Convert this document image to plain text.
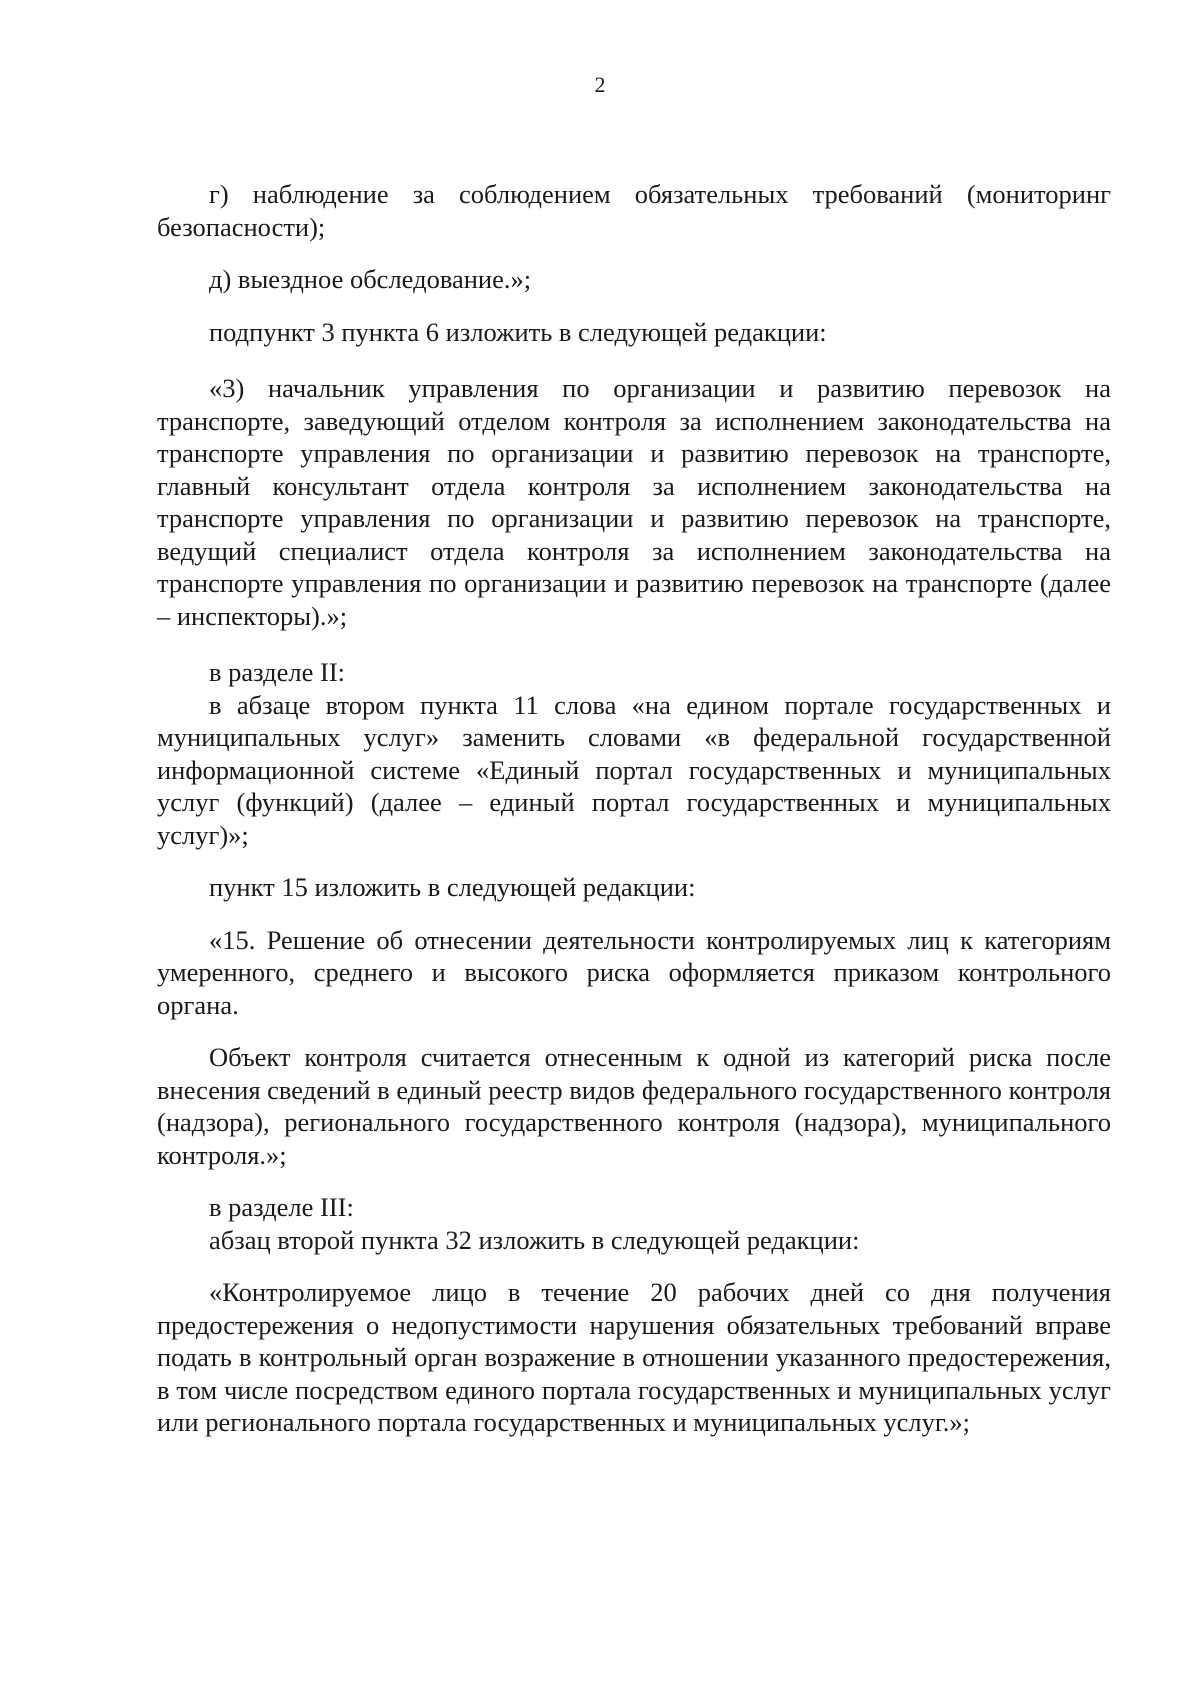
2

г) наблюдение за соблюдением обязательных требований (мониторинг безопасности);

д) выездное обследование.»;

подпункт 3 пункта 6 изложить в следующей редакции:

«3) начальник управления по организации и развитию перевозок на транспорте, заведующий отделом контроля за исполнением законодательства на транспорте управления по организации и развитию перевозок на транспорте, главный консультант отдела контроля за исполнением законодательства на транспорте управления по организации и развитию перевозок на транспорте, ведущий специалист отдела контроля за исполнением законодательства на транспорте управления по организации и развитию перевозок на транспорте (далее – инспекторы).»;

в разделе II:

в абзаце втором пункта 11 слова «на едином портале государственных и муниципальных услуг» заменить словами «в федеральной государственной информационной системе «Единый портал государственных и муниципальных услуг (функций) (далее – единый портал государственных и муниципальных услуг)»;

пункт 15 изложить в следующей редакции:

«15. Решение об отнесении деятельности контролируемых лиц к категориям умеренного, среднего и высокого риска оформляется приказом контрольного органа.

Объект контроля считается отнесенным к одной из категорий риска после внесения сведений в единый реестр видов федерального государственного контроля (надзора), регионального государственного контроля (надзора), муниципального контроля.»;

в разделе III:

абзац второй пункта 32 изложить в следующей редакции:

«Контролируемое лицо в течение 20 рабочих дней со дня получения предостережения о недопустимости нарушения обязательных требований вправе подать в контрольный орган возражение в отношении указанного предостережения, в том числе посредством единого портала государственных и муниципальных услуг или регионального портала государственных и муниципальных услуг.»;
